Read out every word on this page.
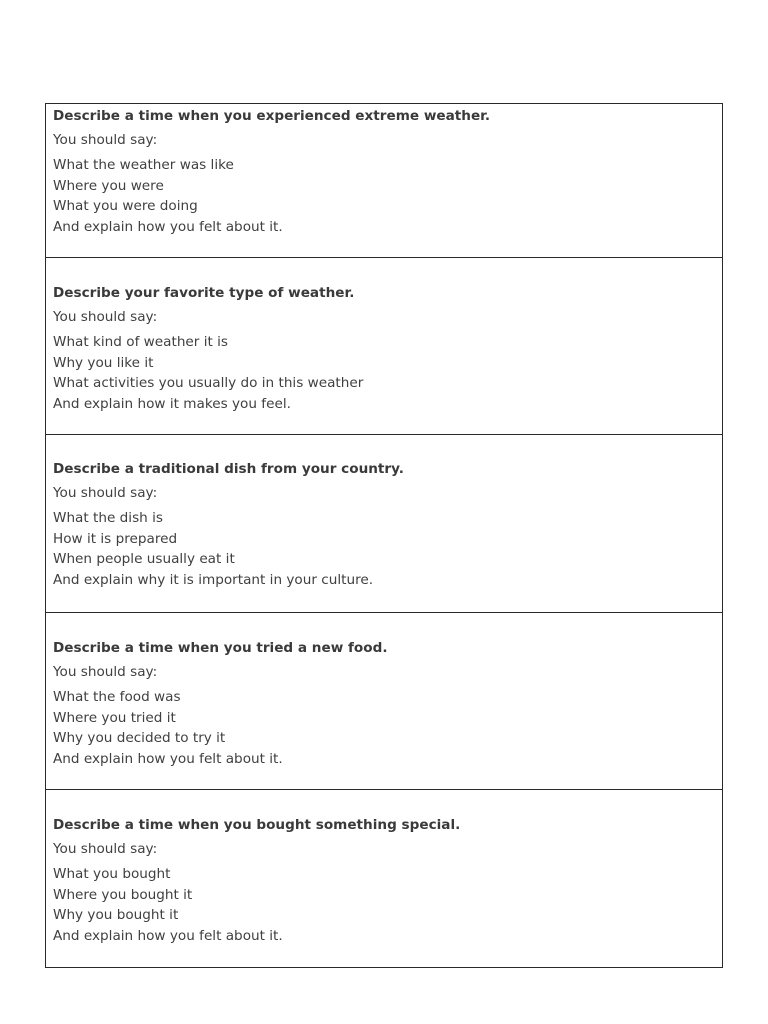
Describe a time when you experienced extreme weather.
You should say:
What the weather was like
Where you were
What you were doing
And explain how you felt about it.
Describe your favorite type of weather.
You should say:
What kind of weather it is
Why you like it
What activities you usually do in this weather
And explain how it makes you feel.
Describe a traditional dish from your country.
You should say:
What the dish is
How it is prepared
When people usually eat it
And explain why it is important in your culture.
Describe a time when you tried a new food.
You should say:
What the food was
Where you tried it
Why you decided to try it
And explain how you felt about it.
Describe a time when you bought something special.
You should say:
What you bought
Where you bought it
Why you bought it
And explain how you felt about it.
